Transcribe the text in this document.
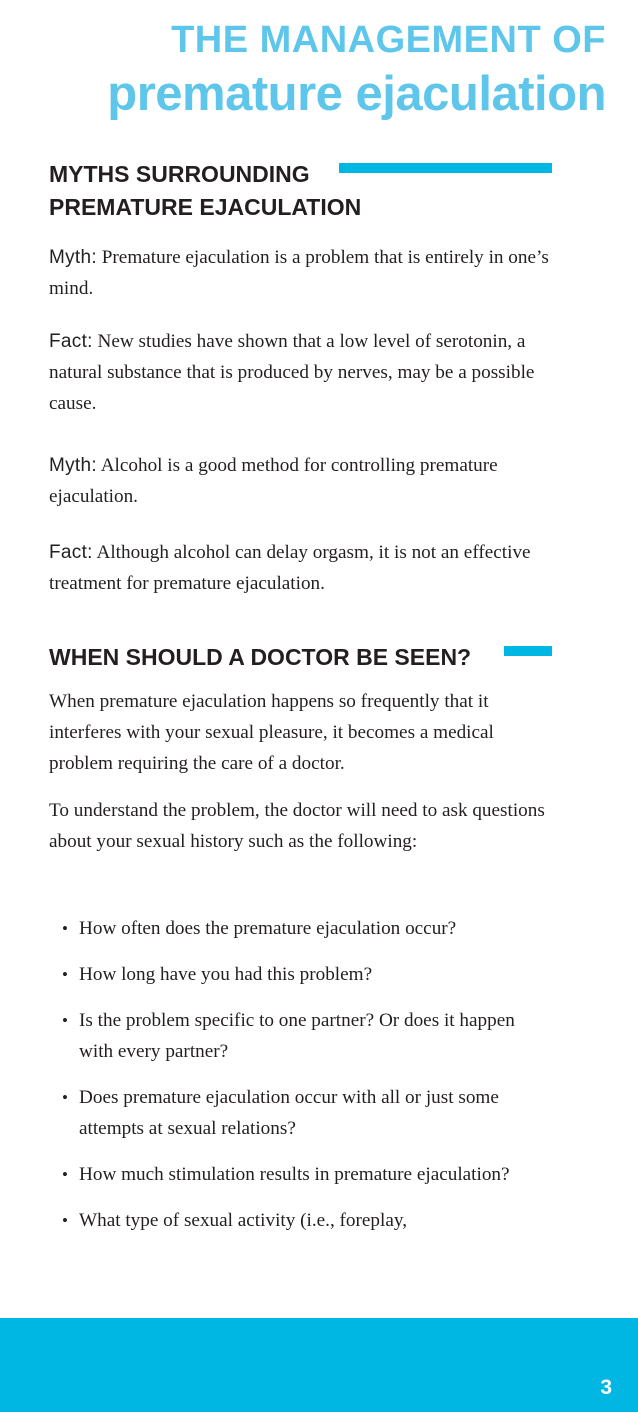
THE MANAGEMENT OF
premature ejaculation
MYTHS SURROUNDING
PREMATURE EJACULATION

Myth: Premature ejaculation is a problem that is entirely in one’s mind.

Fact: New studies have shown that a low level of serotonin, a natural substance that is produced by nerves, may be a possible cause.

Myth: Alcohol is a good method for controlling premature ejaculation.

Fact: Although alcohol can delay orgasm, it is not an effective treatment for premature ejaculation.

WHEN SHOULD A DOCTOR BE SEEN?

When premature ejaculation happens so frequently that it interferes with your sexual pleasure, it becomes a medical problem requiring the care of a doctor.

To understand the problem, the doctor will need to ask questions about your sexual history such as the following:

• How often does the premature ejaculation occur?
• How long have you had this problem?
• Is the problem specific to one partner? Or does it happen with every partner?
• Does premature ejaculation occur with all or just some attempts at sexual relations?
• How much stimulation results in premature ejaculation?
• What type of sexual activity (i.e., foreplay,
3
